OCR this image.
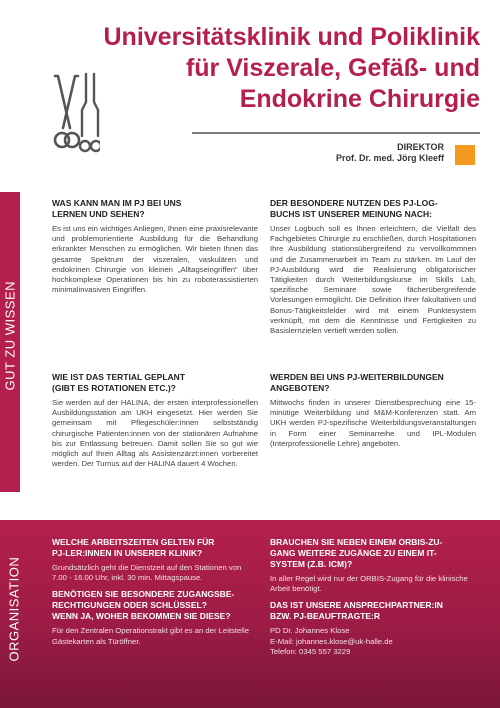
Universitätsklinik und Poliklinik
für Viszerale, Gefäß- und
Endokrine Chirurgie
DIREKTOR
Prof. Dr. med. Jörg Kleeff
GUT ZU WISSEN
WAS KANN MAN IM PJ BEI UNS
LERNEN UND SEHEN?

Es ist uns ein wichtiges Anliegen, Ihnen eine praxisrelevante und problemorientierte Ausbildung für die Behandlung erkrankter Menschen zu ermöglichen. Wir bieten Ihnen das gesamte Spektrum der viszeralen, vaskulären und endokrinen Chirurgie von kleinen „Alltagseingriffen“ über hochkomplexe Operationen bis hin zu roboterassistierten minimalinvasiven Eingriffen.

DER BESONDERE NUTZEN DES PJ-LOG-
BUCHS IST UNSERER MEINUNG NACH:

Unser Logbuch soll es Ihnen erleichtern, die Vielfalt des Fachgebietes Chirurgie zu erschließen, durch Hospitationen Ihre Ausbildung stationsübergreifend zu vervollkommnen und die Zusammenarbeit im Team zu stärken. Im Lauf der PJ-Ausbildung wird die Realisierung obligatorischer Tätigkeiten durch Weiterbildungskurse im Skills Lab, spezifische Seminare sowie fächerübergreifende Vorlesungen ermöglicht. Die Definition Ihrer fakultativen und Bonus-Tätigkeitsfelder wird mit einem Punktesystem verknüpft, mit dem die Kenntnisse und Fertigkeiten zu Basislernzielen vertieft werden sollen.

WIE IST DAS TERTIAL GEPLANT
(GIBT ES ROTATIONEN ETC.)?

Sie werden auf der HALINA, der ersten interprofessionellen Ausbildungsstation am UKH eingesetzt. Hier werden Sie gemeinsam mit Pflegeschüler:innen selbstständig chirurgische Patienten:innen von der stationären Aufnahme bis zur Entlassung betreuen. Damit sollen Sie so gut wie möglich auf Ihren Alltag als Assistenzärzt:innen vorbereitet werden. Der Turnus auf der HALINA dauert 4 Wochen.

WERDEN BEI UNS PJ-WEITERBILDUNGEN
ANGEBOTEN?

Mittwochs finden in unserer Dienstbesprechung eine 15-minütige Weiterbildung und M&M-Konferenzen statt. Am UKH werden PJ-spezifische Weiterbildungsveranstaltungen in Form einer Seminarreihe und IPL-Modulen (Interprofessionelle Lehre) angeboten.

ORGANISATION
WELCHE ARBEITSZEITEN GELTEN FÜR
PJ-LER:INNEN IN UNSERER KLINIK?

Grundsätzlich geht die Dienstzeit auf den Stationen von 7.00 - 16.00 Uhr, inkl. 30 min. Mittagspause.

BENÖTIGEN SIE BESONDERE ZUGANGSBE-
RECHTIGUNGEN ODER SCHLÜSSEL?
WENN JA, WOHER BEKOMMEN SIE DIESE?

Für den Zentralen Operationstrakt gibt es an der Leitstelle Gästekarten als Türöffner.

BRAUCHEN SIE NEBEN EINEM ORBIS-ZU-
GANG WEITERE ZUGÄNGE ZU EINEM IT-
SYSTEM (Z.B. ICM)?

In aller Regel wird nur der ORBIS-Zugang für die klinische Arbeit benötigt.

DAS IST UNSERE ANSPRECHPARTNER:IN
BZW. PJ-BEAUFTRAGTE:R

PD Dr. Johannes Klose

E-Mail: johannes.klose@uk-halle.de

Telefon: 0345 557 3229
